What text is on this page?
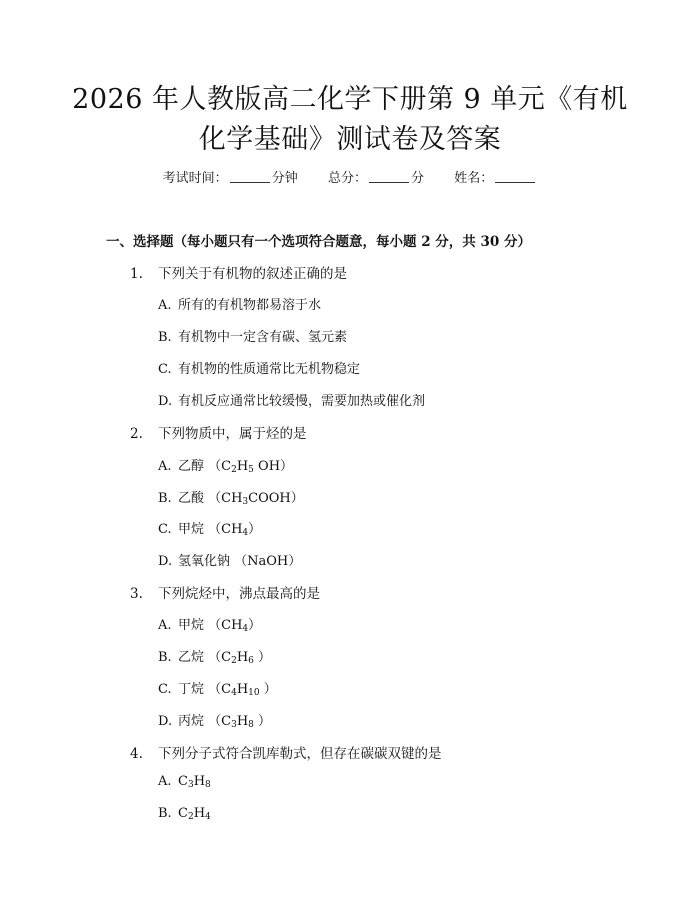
2026 年人教版高二化学下册第 9 单元《有机
化学基础》测试卷及答案
考试时间：	分钟 总分：	分 姓名：
一、选择题（每小题只有一个选项符合题意，每小题 2 分，共 30 分）
1. 下列关于有机物的叙述正确的是
A. 所有的有机物都易溶于水
B. 有机物中一定含有碳、氢元素
C. 有机物的性质通常比无机物稳定
D. 有机反应通常比较缓慢，需要加热或催化剂
2. 下列物质中，属于烃的是
A. 乙醇 （$C_2H_5$ OH）
B. 乙酸 $(CH_3COOH)$
C. 甲烷 $(CH_4)$
D. 氢氧化钠 （NaOH）
3. 下列烷烃中，沸点最高的是
A. 甲烷 $(CH_4)$
B. 乙烷 （$C_2H_6$ ）
C. 丁烷 （$C_4H_{10}$ ）
D. 丙烷 （$C_3H_8$ ）
4. 下列分子式符合凯库勒式，但存在碳碳双键的是
A. $C_3H_8$
B. $C_2H_4$
